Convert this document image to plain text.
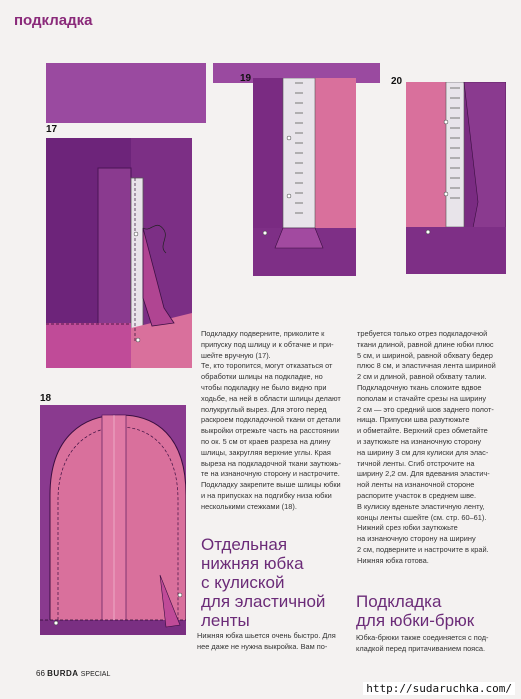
подкладка
17
18
19	20

Подкладку подверните, приколите к
припуску под шлицу и к обтачке и при-
шейте вручную (17).
Те, кто торопится, могут отказаться от
обработки шлицы на подкладке, но
чтобы подкладку не было видно при
ходьбе, на ней в области шлицы делают
полукруглый вырез. Для этого перед
раскроем подкладочной ткани от детали
выкройки отрежьте часть на расстоянии
по ок. 5 см от краев разреза на длину
шлицы, закругляя верхние углы. Края
выреза на подкладочной ткани заутюжь-
те на изнаночную сторону и настрочите.
Подкладку закрепите выше шлицы юбки
и на припусках на подгибку низа юбки
несколькими стежками (18).

Отдельная
нижняя юбка
с кулиской
для эластичной
ленты

Нижняя юбка шьется очень быстро. Для
нее даже не нужна выкройка. Вам по-

требуется только отрез подкладочной
ткани длиной, равной длине юбки плюс
5 см, и шириной, равной обхвату бедер
плюс 8 см, и эластичная лента шириной
2 см и длиной, равной обхвату талии.
Подкладочную ткань сложите вдвое
пополам и стачайте срезы на ширину
2 см — это средний шов заднего полот-
нища. Припуски шва разутюжьте
и обметайте. Верхний срез обметайте
и заутюжьте на изнаночную сторону
на ширину 3 см для кулиски для элас-
тичной ленты. Сгиб отстрочите на
ширину 2,2 см. Для вдевания эластич-
ной ленты на изнаночной стороне
распорите участок в среднем шве.
В кулиску вденьте эластичную ленту,
концы ленты сшейте (см. стр. 60–61).
Нижний срез юбки заутюжьте
на изнаночную сторону на ширину
2 см, подверните и настрочите в край.
Нижняя юбка готова.

Подкладка
для юбки-брюк

Юбка-брюки также соединяется с под-
кладкой перед притачиванием пояса.

66 BURDA SPECIAL
http://sudaruchka.com/
